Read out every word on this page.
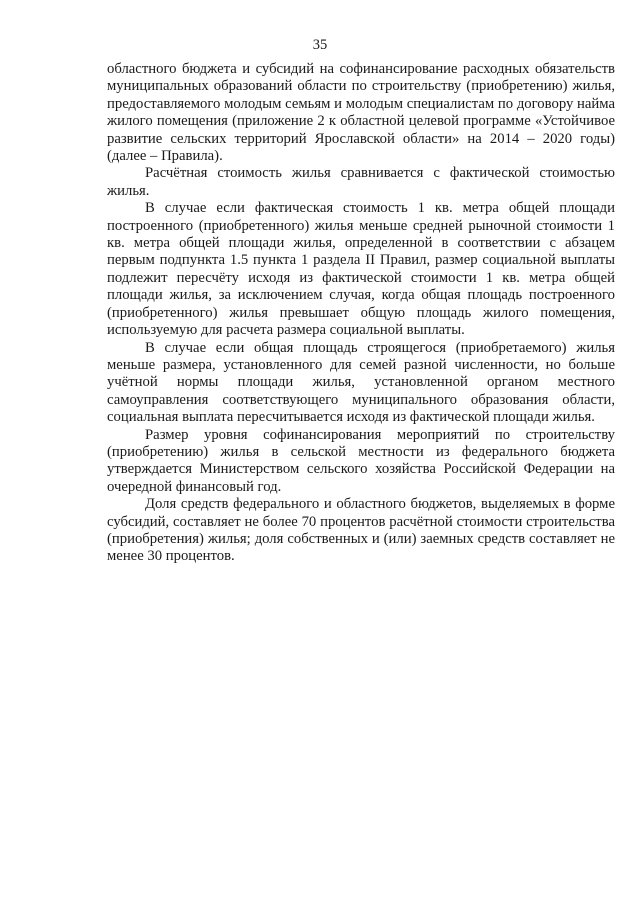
35

областного бюджета и субсидий на софинансирование расходных обязательств муниципальных образований области по строительству (приобретению) жилья, предоставляемого молодым семьям и молодым специалистам по договору найма жилого помещения (приложение 2 к областной целевой программе «Устойчивое развитие сельских территорий Ярославской области» на 2014 – 2020 годы) (далее – Правила).

Расчётная стоимость жилья сравнивается с фактической стоимостью жилья.

В случае если фактическая стоимость 1 кв. метра общей площади построенного (приобретенного) жилья меньше средней рыночной стоимости 1 кв. метра общей площади жилья, определенной в соответствии с абзацем первым подпункта 1.5 пункта 1 раздела II Правил, размер социальной выплаты подлежит пересчёту исходя из фактической стоимости 1 кв. метра общей площади жилья, за исключением случая, когда общая площадь построенного (приобретенного) жилья превышает общую площадь жилого помещения, используемую для расчета размера социальной выплаты.

В случае если общая площадь строящегося (приобретаемого) жилья меньше размера, установленного для семей разной численности, но больше учётной нормы площади жилья, установленной органом местного самоуправления соответствующего муниципального образования области, социальная выплата пересчитывается исходя из фактической площади жилья.

Размер уровня софинансирования мероприятий по строительству (приобретению) жилья в сельской местности из федерального бюджета утверждается Министерством сельского хозяйства Российской Федерации на очередной финансовый год.

Доля средств федерального и областного бюджетов, выделяемых в форме субсидий, составляет не более 70 процентов расчётной стоимости строительства (приобретения) жилья; доля собственных и (или) заемных средств составляет не менее 30 процентов.
